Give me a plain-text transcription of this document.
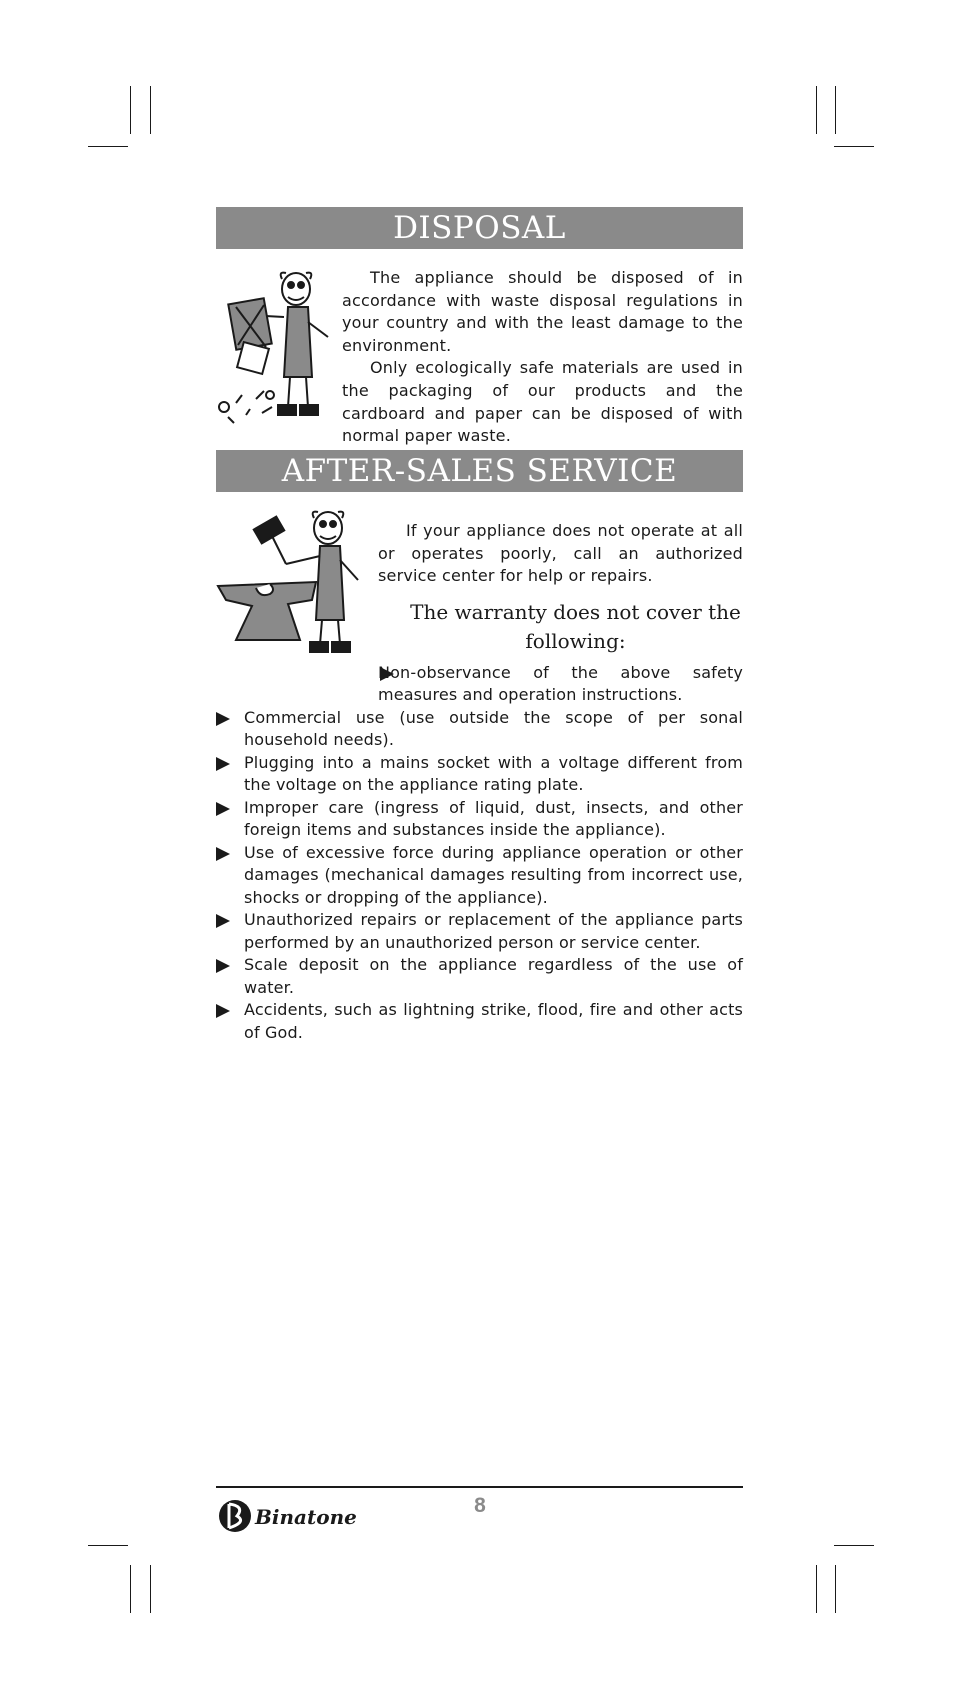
DISPOSAL
The appliance should be disposed of in accordance with waste disposal regulations in your country and with the least damage to the environment.
Only ecologically safe materials are used in the packaging of our products and the cardboard and paper can be disposed of with normal paper waste.
AFTER-SALES SERVICE
If your appliance does not operate at all or operates poorly, call an authorized service center for help or repairs.
The warranty does not cover the following:
Non-observance of the above safety measures and operation instructions.
Commercial use (use outside the scope of per sonal household needs).
Plugging into a mains socket with a voltage different from the voltage on the appliance rating plate.
Improper care (ingress of liquid, dust, insects, and other foreign items and substances inside the appliance).
Use of excessive force during appliance operation or other damages (mechanical damages resulting from incorrect use, shocks or dropping of the appliance).
Unauthorized repairs or replacement of the appliance parts performed by an unauthorized person or service center.
Scale deposit on the appliance regardless of the use of water.
Accidents, such as lightning strike, flood, fire and other acts of God.
Binatone	8
